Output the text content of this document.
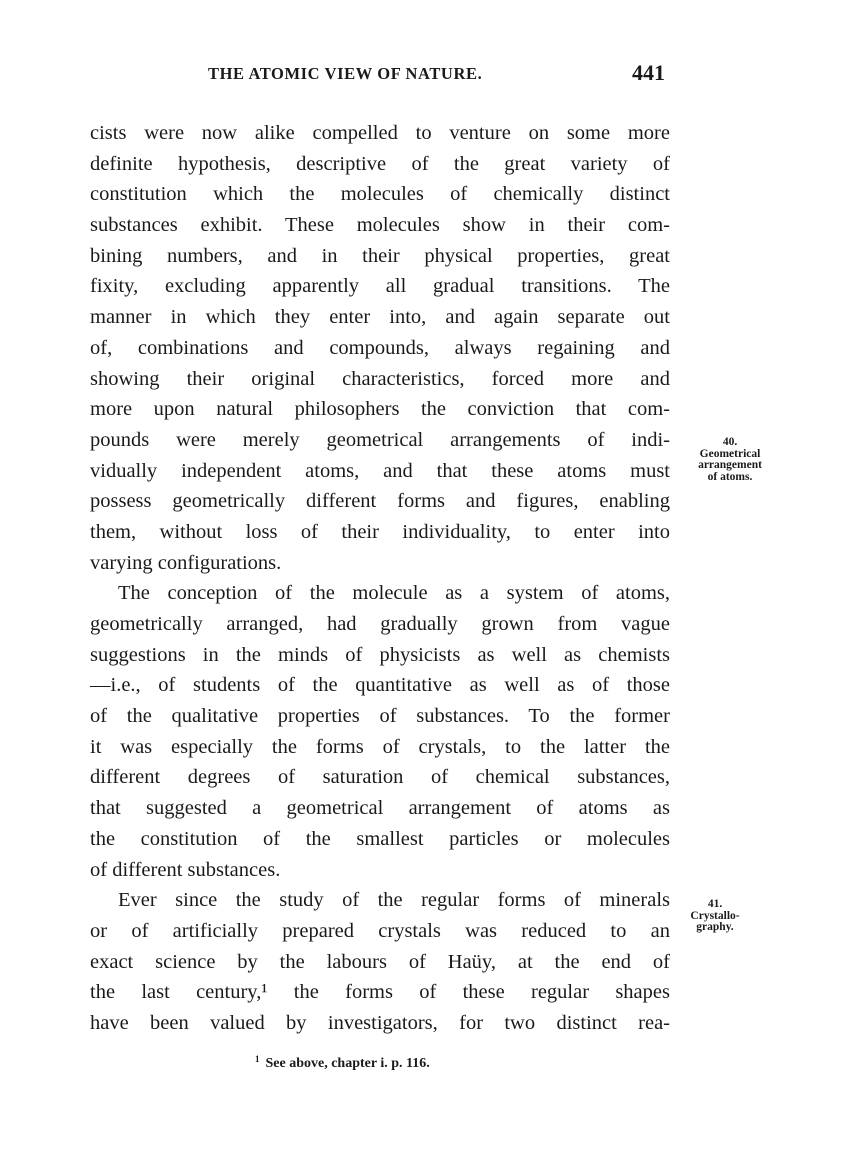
THE ATOMIC VIEW OF NATURE.	441
cists were now alike compelled to venture on some more
definite hypothesis, descriptive of the great variety of
constitution which the molecules of chemically distinct
substances exhibit. These molecules show in their com-
bining numbers, and in their physical properties, great
fixity, excluding apparently all gradual transitions. The
manner in which they enter into, and again separate out
of, combinations and compounds, always regaining and
showing their original characteristics, forced more and
more upon natural philosophers the conviction that com-
pounds were merely geometrical arrangements of indi-
vidually independent atoms, and that these atoms must
possess geometrically different forms and figures, enabling
them, without loss of their individuality, to enter into
varying configurations.
The conception of the molecule as a system of atoms,
geometrically arranged, had gradually grown from vague
suggestions in the minds of physicists as well as chemists
—i.e., of students of the quantitative as well as of those
of the qualitative properties of substances. To the former
it was especially the forms of crystals, to the latter the
different degrees of saturation of chemical substances,
that suggested a geometrical arrangement of atoms as
the constitution of the smallest particles or molecules
of different substances.
Ever since the study of the regular forms of minerals
or of artificially prepared crystals was reduced to an
exact science by the labours of Haüy, at the end of
the last century,¹ the forms of these regular shapes
have been valued by investigators, for two distinct rea-
40.
Geometrical
arrangement
of atoms.
41.
Crystallo-
graphy.
$^1$ See above, chapter i. p. 116.
